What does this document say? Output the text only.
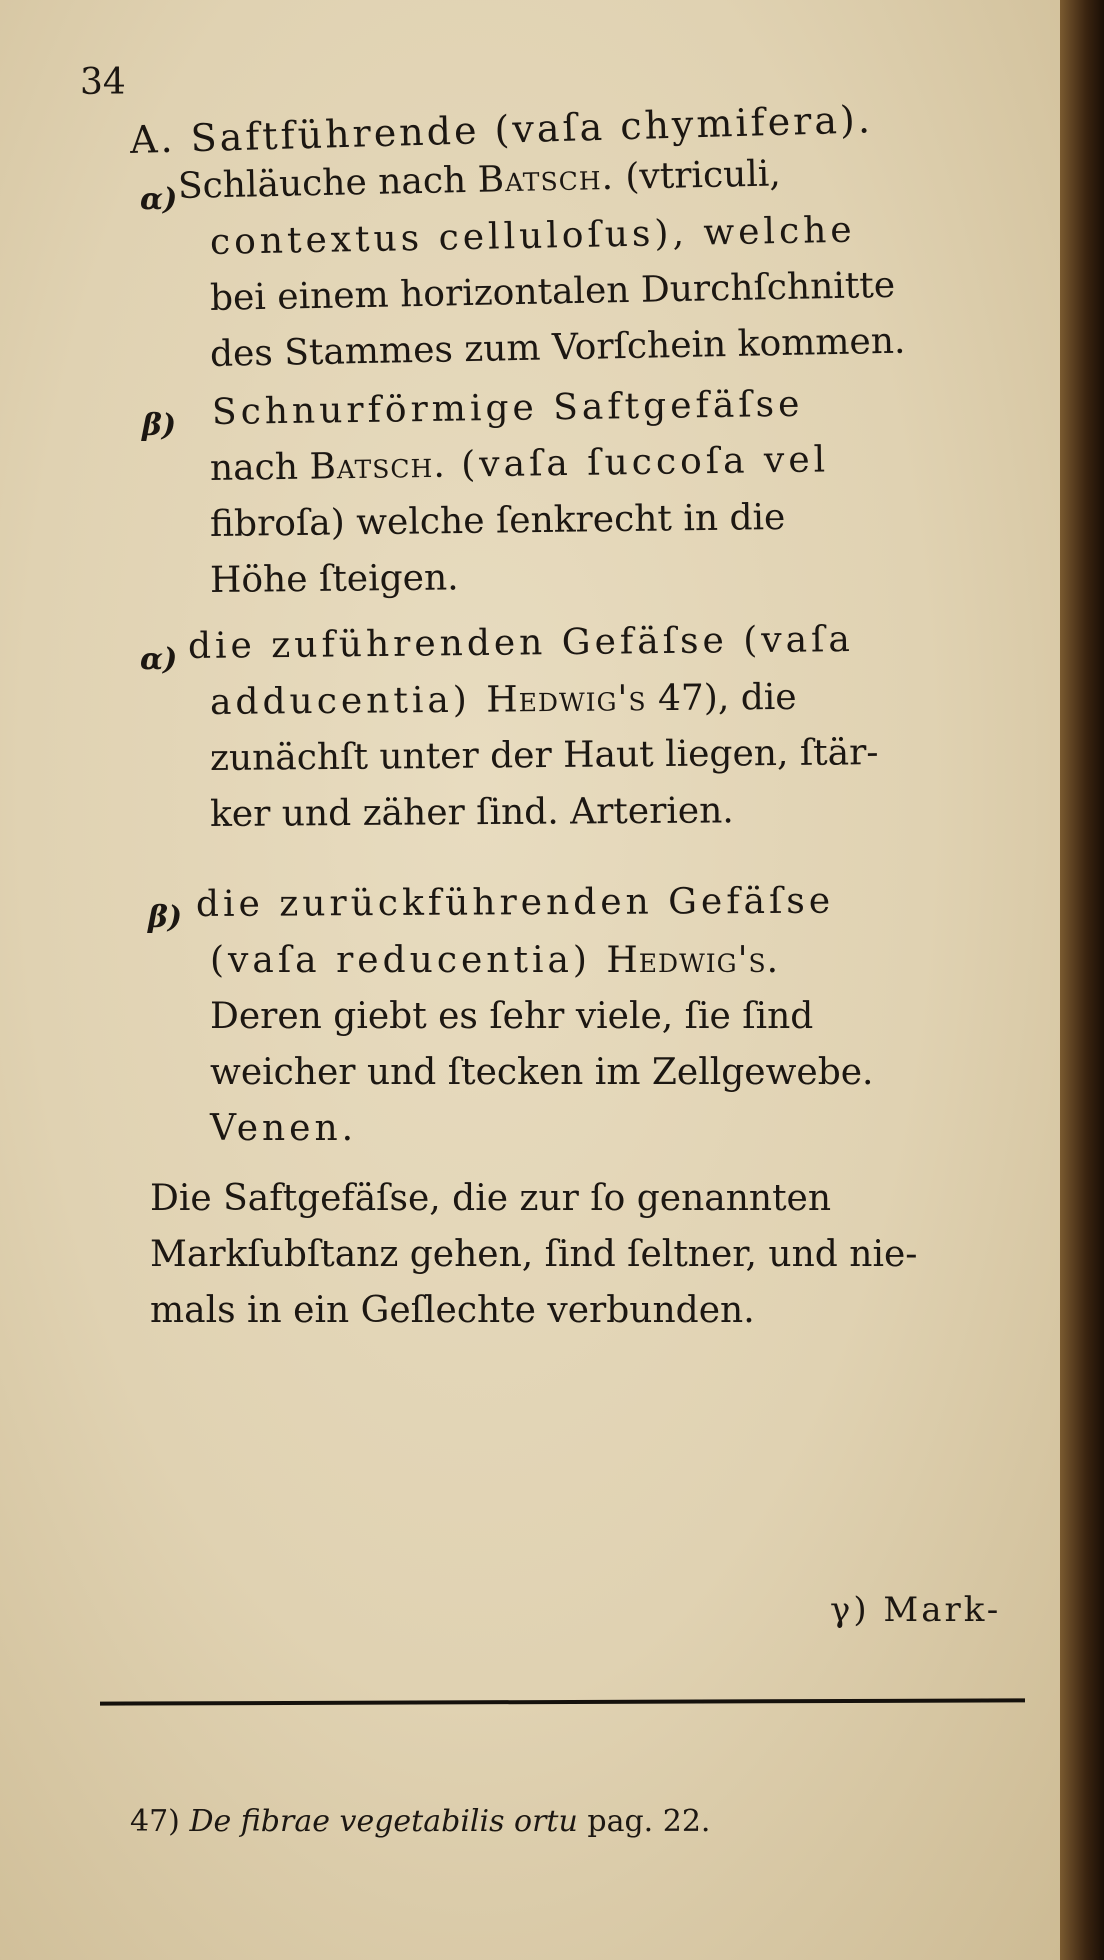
34
A. Saftführende (vaſa chymifera).
α) Schläuche nach Batsch. (vtriculi,
contextus celluloſus), welche
bei einem horizontalen Durchſchnitte
des Stammes zum Vorſchein kommen.
β) Schnurförmige Saftgefäſse
nach Batsch. (vaſa ſuccoſa vel
fibroſa) welche ſenkrecht in die
Höhe ſteigen.
α) die zuführenden Gefäſse (vaſa
adducentia) Hedwig's 47), die
zunächſt unter der Haut liegen, ſtär-
ker und zäher ſind. Arterien.
β) die zurückführenden Gefäſse
(vaſa reducentia) Hedwig's.
Deren giebt es ſehr viele, ſie ſind
weicher und ſtecken im Zellgewebe.
Venen.
Die Saftgefäſse, die zur ſo genannten
Markſubſtanz gehen, ſind ſeltner, und nie-
mals in ein Geſlechte verbunden.
γ) Mark-
47) De fibrae vegetabilis ortu pag. 22.
